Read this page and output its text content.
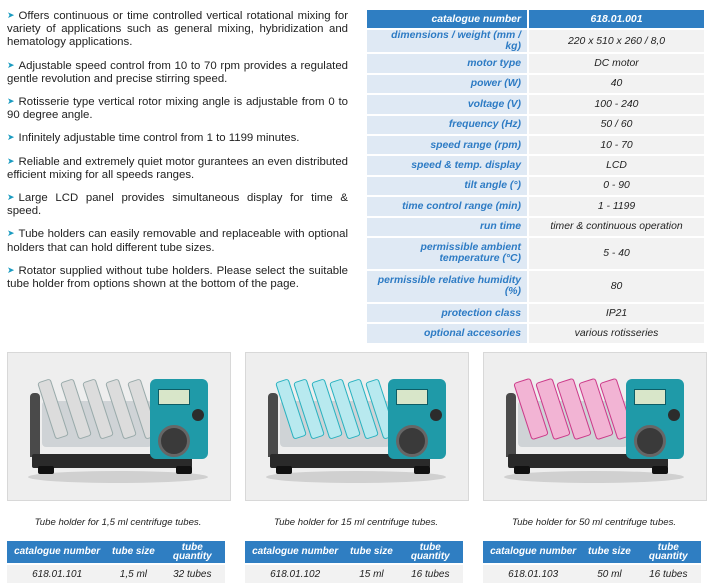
➤ Offers continuous or time controlled vertical rotational mixing for variety of applications such as general mixing, hybridization and hematology applications.

➤ Adjustable speed control from 10 to 70 rpm provides a regulated gentle revolution and precise stirring speed.

➤ Rotisserie type vertical rotor mixing angle is adjustable from 0 to 90 degree angle.

➤ Infinitely adjustable time control from 1 to 1199 minutes.

➤ Reliable and extremely quiet motor gurantees an even distributed efficient mixing for all speeds ranges.

➤ Large LCD panel provides simultaneous display for time & speed.

➤ Tube holders can easily removable and replaceable with optional holders that can hold different tube sizes.

➤ Rotator supplied without tube holders. Please select the suitable tube holder from options shown at the bottom of the page.

catalogue number	618.01.001
dimensions / weight (mm / kg)	220 x 510 x 260 / 8,0
motor type	DC motor
power (W)	40
voltage (V)	100 - 240
frequency (Hz)	50 / 60
speed range (rpm)	10 - 70
speed & temp. display	LCD
tilt angle (°)	0 - 90
time control range (min)	1 - 1199
run time	timer & continuous operation
permissible ambient temperature (°C)	5 - 40
permissible relative humidity (%)	80
protection class	IP21
optional accesories	various rotisseries
Tube holder for 1,5 ml centrifuge tubes.	Tube holder for 15 ml centrifuge tubes.	Tube holder for 50 ml centrifuge tubes.
catalogue number	tube size	tube quantity
618.01.101	1,5 ml	32 tubes
catalogue number	tube size	tube quantity
618.01.102	15 ml	16 tubes
catalogue number	tube size	tube quantity
618.01.103	50 ml	16 tubes
